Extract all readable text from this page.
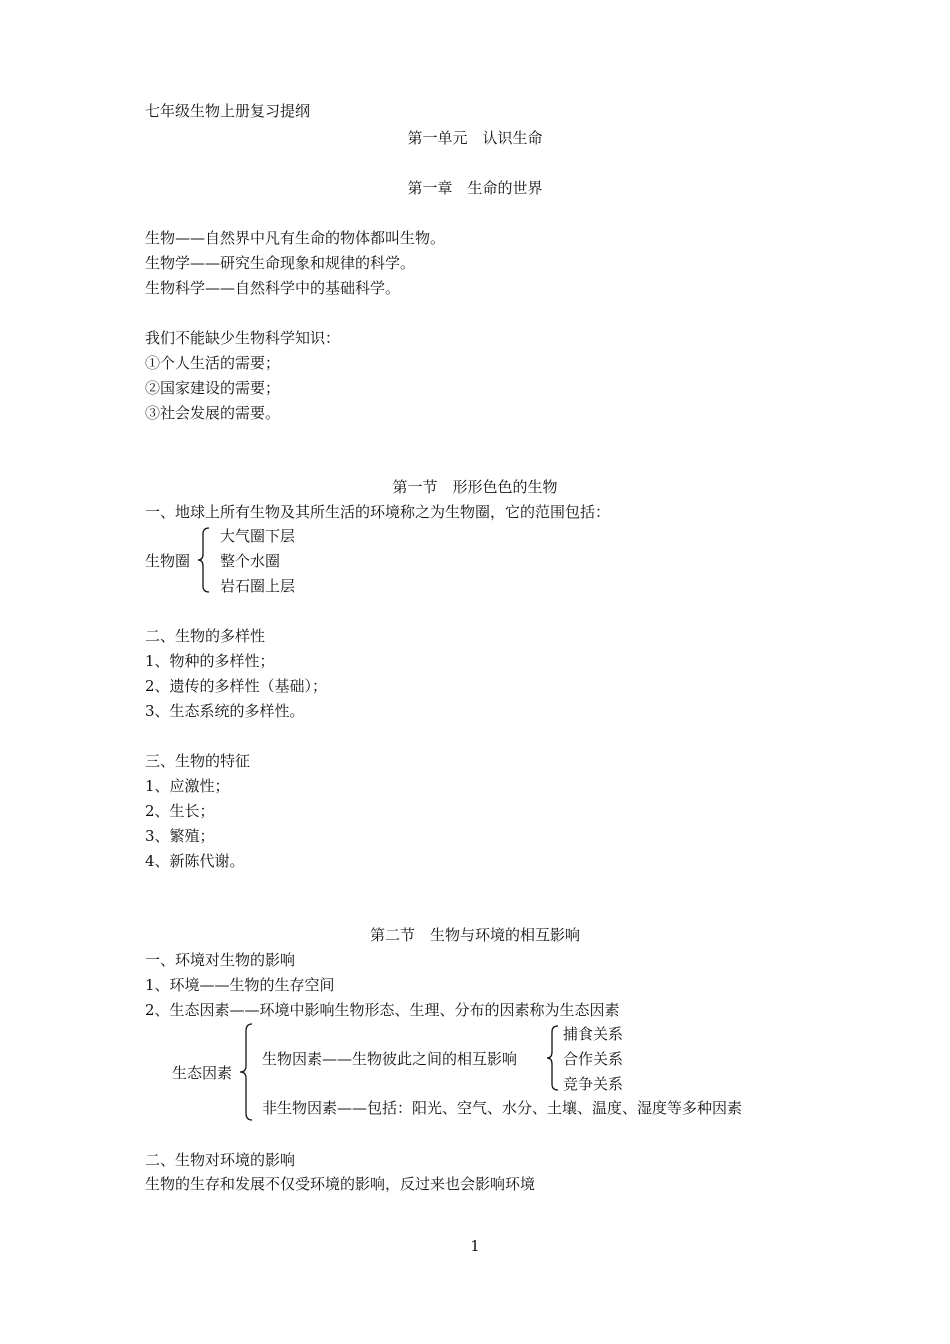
七年级生物上册复习提纲
第一单元　认识生命
第一章　生命的世界
生物——自然界中凡有生命的物体都叫生物。
生物学——研究生命现象和规律的科学。
生物科学——自然科学中的基础科学。
我们不能缺少生物科学知识：
①个人生活的需要；
②国家建设的需要；
③社会发展的需要。
第一节　形形色色的生物
一、地球上所有生物及其所生活的环境称之为生物圈，它的范围包括：
生物圈
大气圈下层
整个水圈
岩石圈上层
二、生物的多样性
1、物种的多样性；
2、遗传的多样性（基础）；
3、生态系统的多样性。
三、生物的特征
1、应激性；
2、生长；
3、繁殖；
4、新陈代谢。
第二节　生物与环境的相互影响
一、环境对生物的影响
1、环境——生物的生存空间
2、生态因素——环境中影响生物形态、生理、分布的因素称为生态因素
生态因素
生物因素——生物彼此之间的相互影响
捕食关系
合作关系
竞争关系
非生物因素——包括：阳光、空气、水分、土壤、温度、湿度等多种因素
二、生物对环境的影响
生物的生存和发展不仅受环境的影响，反过来也会影响环境
1
